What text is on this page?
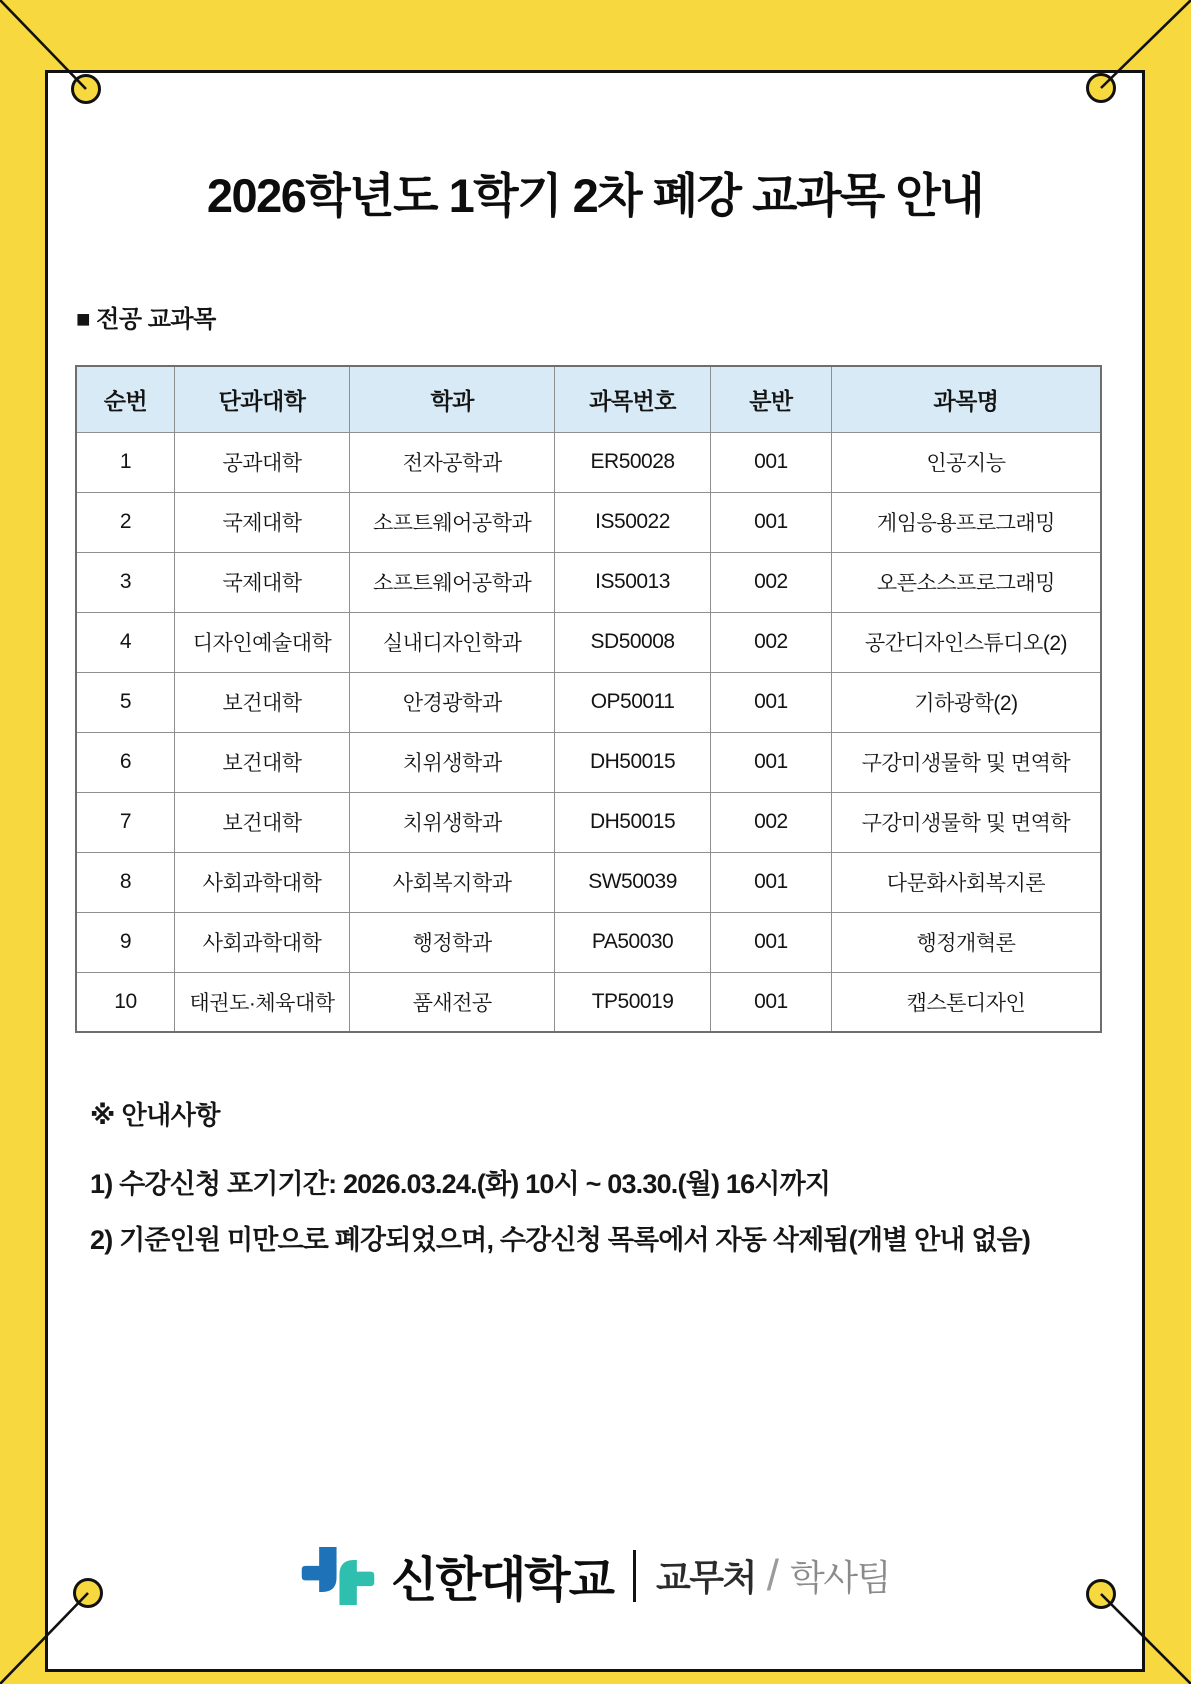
2026학년도 1학기 2차 폐강 교과목 안내
■ 전공 교과목
순번	단과대학	학과	과목번호	분반	과목명
1	공과대학	전자공학과	ER50028	001	인공지능
2	국제대학	소프트웨어공학과	IS50022	001	게임응용프로그래밍
3	국제대학	소프트웨어공학과	IS50013	002	오픈소스프로그래밍
4	디자인예술대학	실내디자인학과	SD50008	002	공간디자인스튜디오(2)
5	보건대학	안경광학과	OP50011	001	기하광학(2)
6	보건대학	치위생학과	DH50015	001	구강미생물학 및 면역학
7	보건대학	치위생학과	DH50015	002	구강미생물학 및 면역학
8	사회과학대학	사회복지학과	SW50039	001	다문화사회복지론
9	사회과학대학	행정학과	PA50030	001	행정개혁론
10	태권도·체육대학	품새전공	TP50019	001	캡스톤디자인
※ 안내사항
1) 수강신청 포기기간: 2026.03.24.(화) 10시 ~ 03.30.(월) 16시까지
2) 기준인원 미만으로 폐강되었으며, 수강신청 목록에서 자동 삭제됨(개별 안내 없음)
신한대학교 교무처 / 학사팀
